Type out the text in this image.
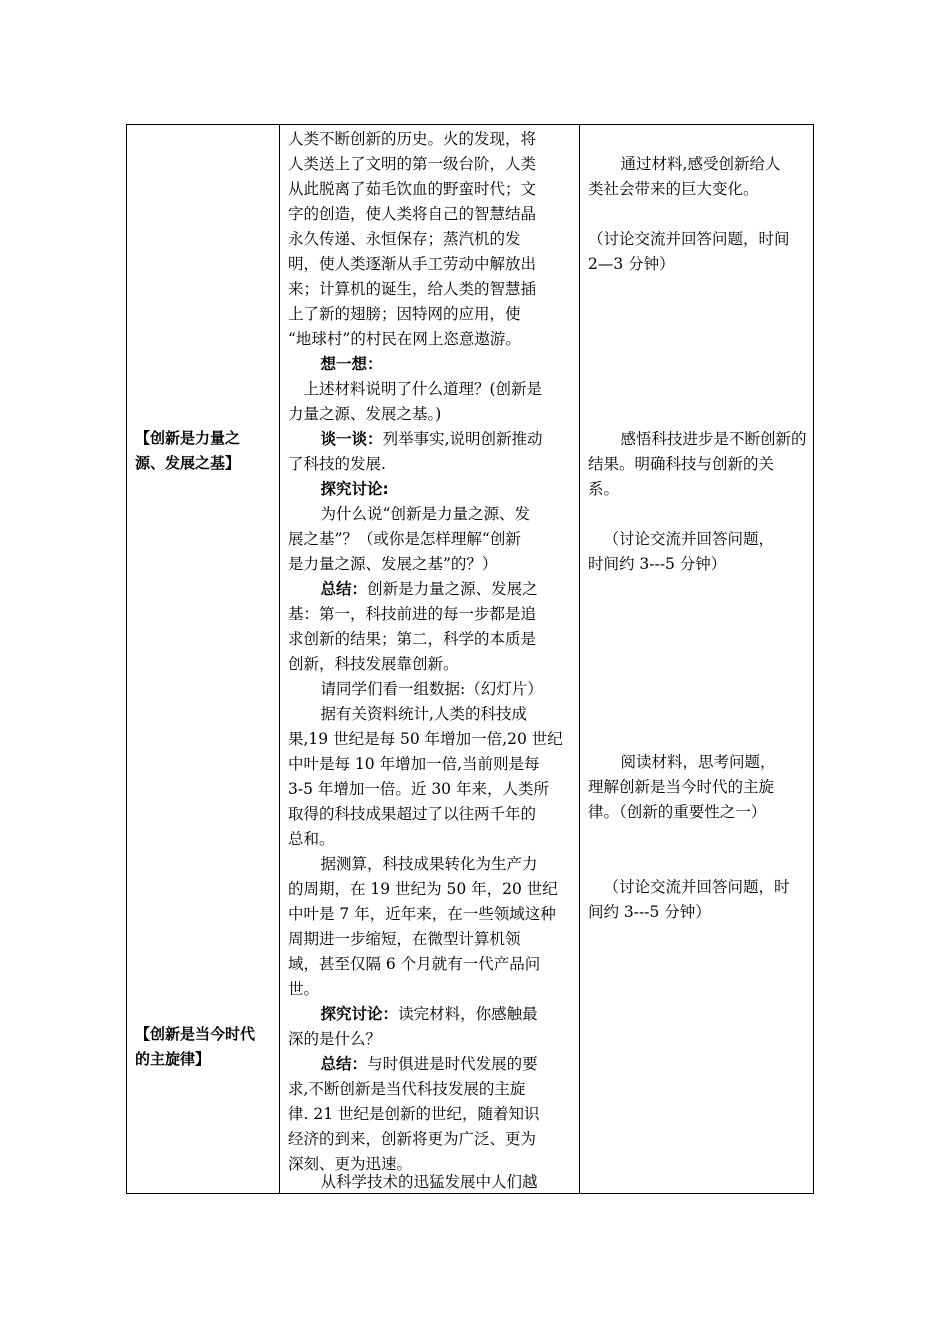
【创新是力量之
源、发展之基】
【创新是当今时代
的主旋律】
人类不断创新的历史。火的发现，将
人类送上了文明的第一级台阶，人类
从此脱离了茹毛饮血的野蛮时代；文
字的创造，使人类将自己的智慧结晶
永久传递、永恒保存；蒸汽机的发
明，使人类逐渐从手工劳动中解放出
来；计算机的诞生，给人类的智慧插
上了新的翅膀；因特网的应用，使
“地球村”的村民在网上恣意遨游。
想一想：
上述材料说明了什么道理？(创新是
力量之源、发展之基。)
谈一谈：列举事实,说明创新推动
了科技的发展.
探究讨论:
为什么说“创新是力量之源、发
展之基”？（或你是怎样理解“创新
是力量之源、发展之基”的？）
总结：创新是力量之源、发展之
基：第一，科技前进的每一步都是追
求创新的结果；第二，科学的本质是
创新，科技发展靠创新。
请同学们看一组数据:（幻灯片）
据有关资料统计,人类的科技成
果,19 世纪是每 50 年增加一倍,20 世纪
中叶是每 10 年增加一倍,当前则是每
3-5 年增加一倍。近 30 年来，人类所
取得的科技成果超过了以往两千年的
总和。
据测算，科技成果转化为生产力
的周期，在 19 世纪为 50 年，20 世纪
中叶是 7 年，近年来，在一些领域这种
周期进一步缩短，在微型计算机领
域，甚至仅隔 6 个月就有一代产品问
世。
探究讨论：读完材料，你感触最
深的是什么？
总结：与时俱进是时代发展的要
求,不断创新是当代科技发展的主旋
律. 21 世纪是创新的世纪，随着知识
经济的到来，创新将更为广泛、更为
深刻、更为迅速。
从科学技术的迅猛发展中人们越
通过材料,感受创新给人
类社会带来的巨大变化。
（讨论交流并回答问题，时间
2—3 分钟）
感悟科技进步是不断创新的
结果。明确科技与创新的关
系。
（讨论交流并回答问题，
时间约 3---5 分钟）
阅读材料，思考问题，
理解创新是当今时代的主旋
律。（创新的重要性之一）
（讨论交流并回答问题，时
间约 3---5 分钟）
